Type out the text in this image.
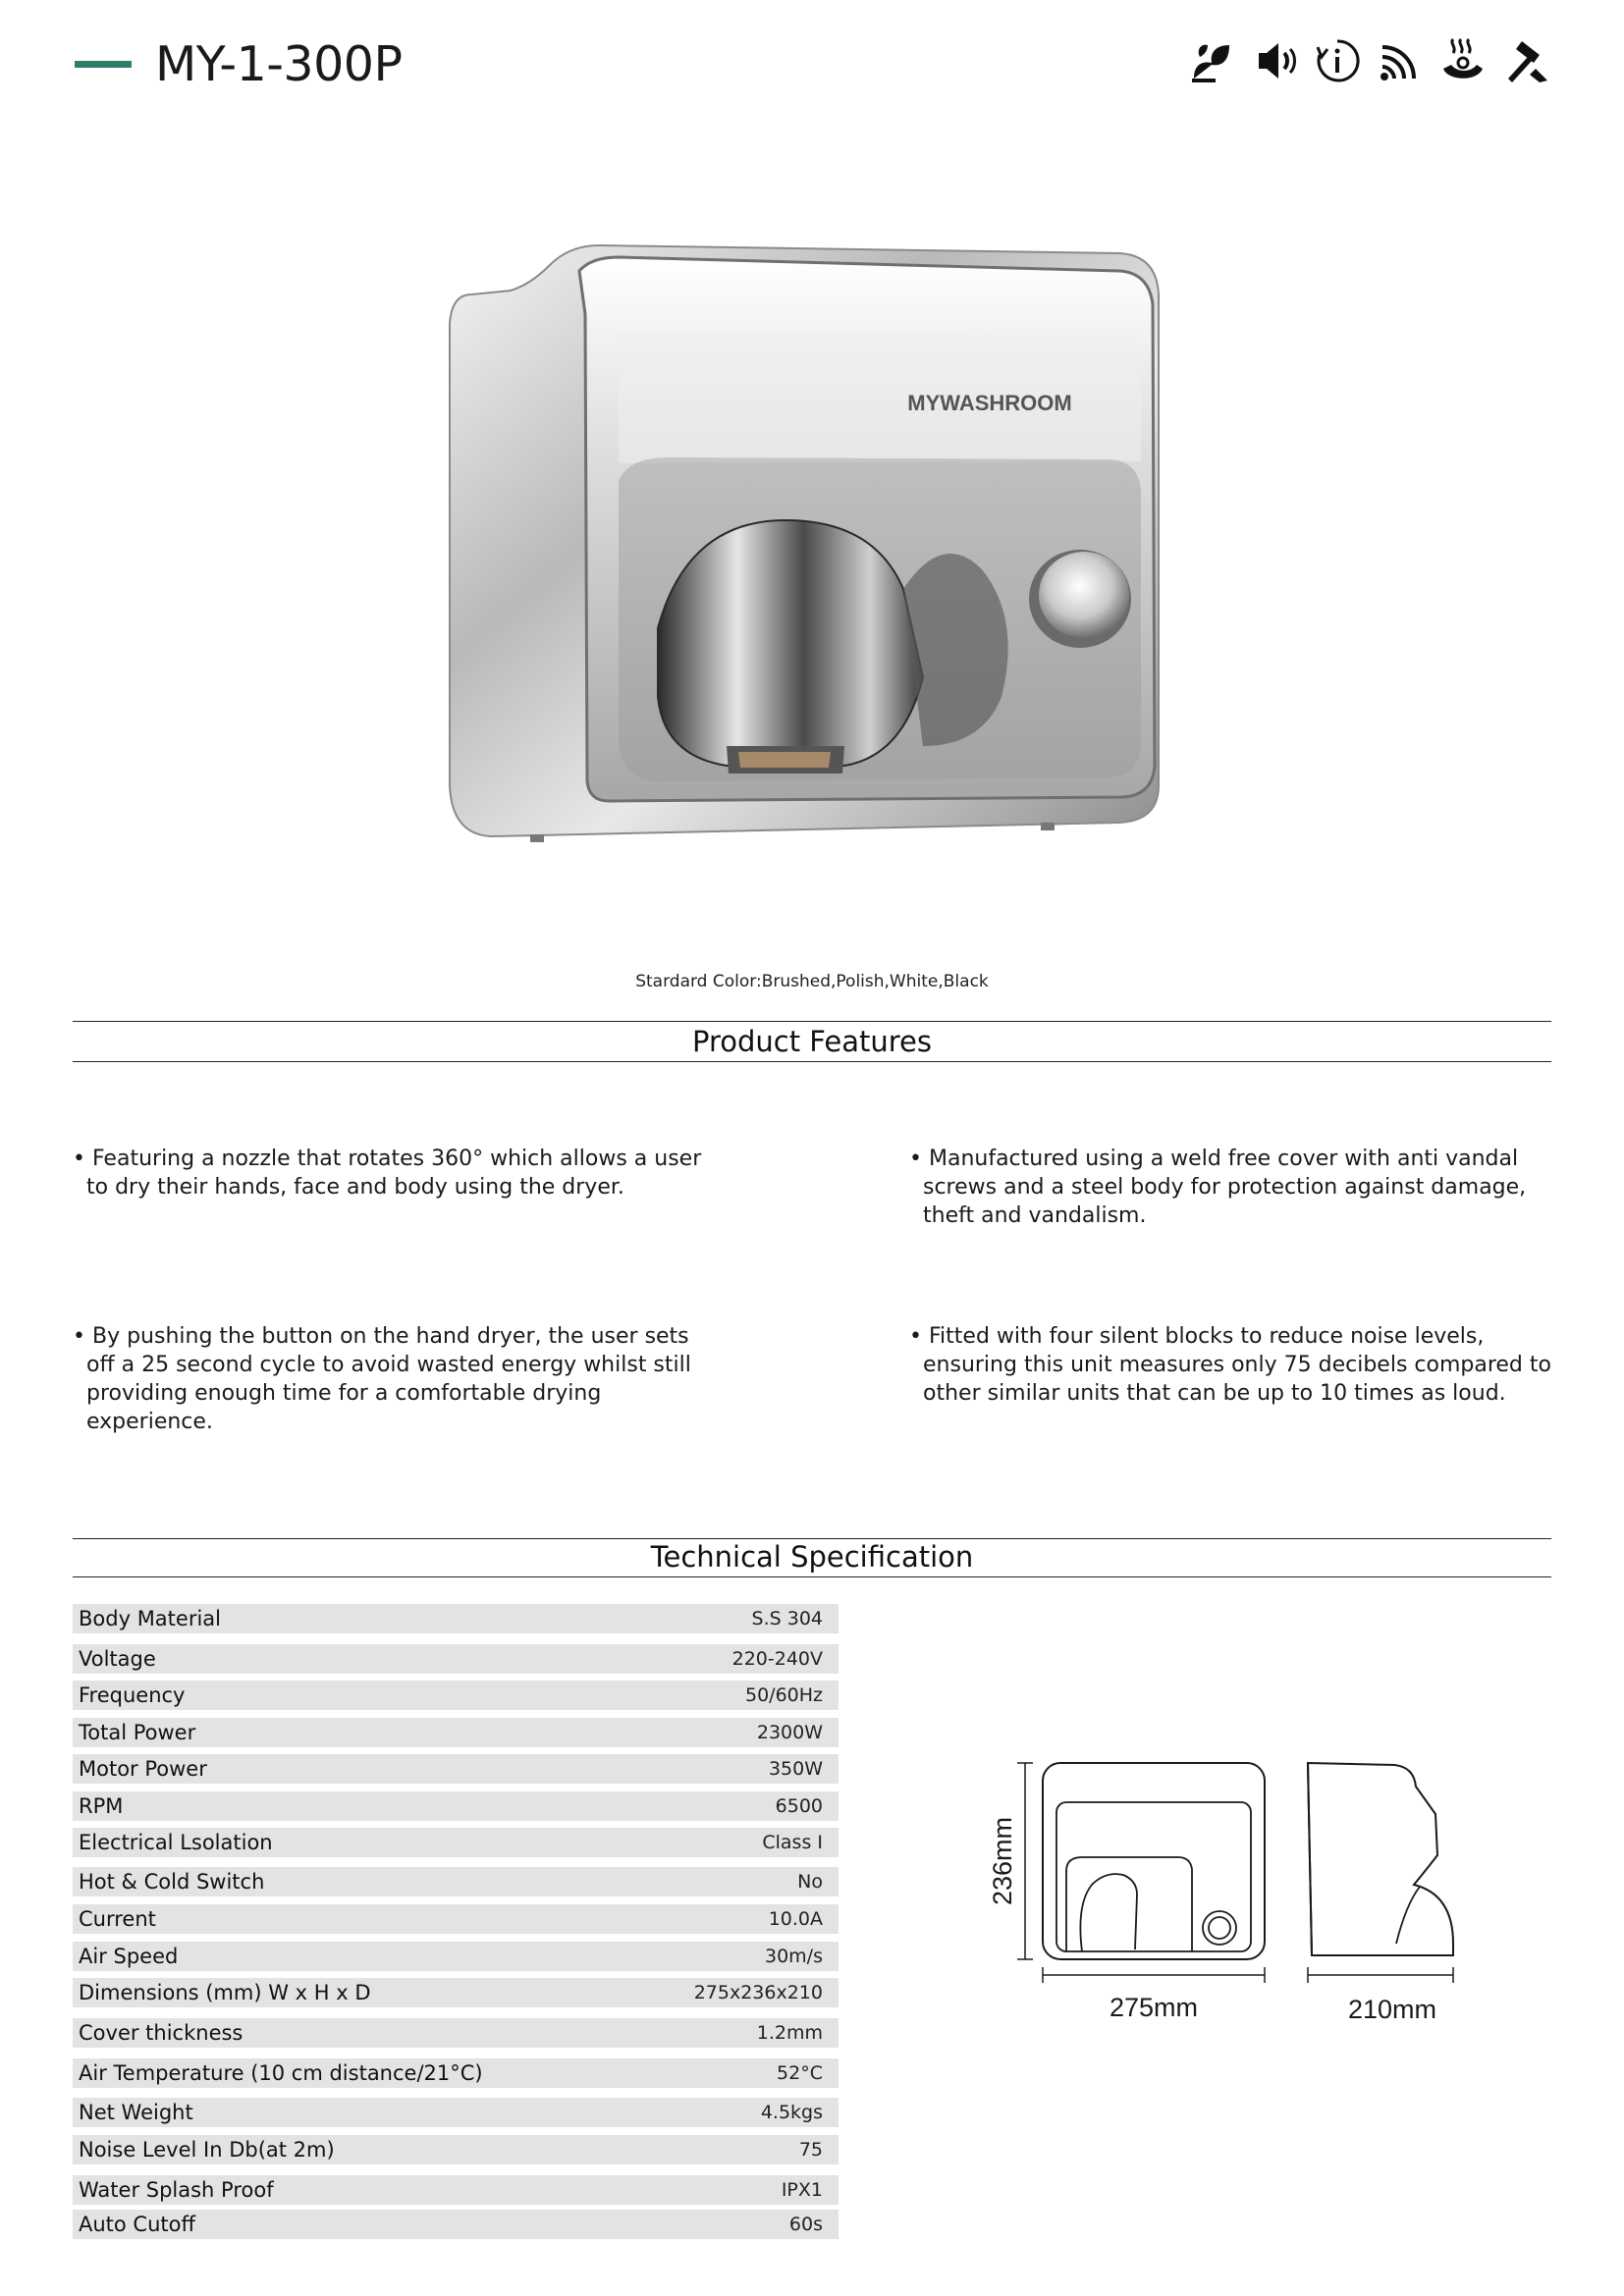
MY-1-300P
MYWASHROOM
Stardard Color:Brushed,Polish,White,Black
Product Features
• Featuring a nozzle that rotates 360° which allows a user to dry their hands, face and body using the dryer.
• Manufactured using a weld free cover with anti vandal screws and a steel body for protection against damage, theft and vandalism.
• By pushing the button on the hand dryer, the user sets off a 25 second cycle to avoid wasted energy whilst still providing enough time for a comfortable drying experience.
• Fitted with four silent blocks to reduce noise levels, ensuring this unit measures only 75 decibels compared to other similar units that can be up to 10 times as loud.
Technical Specification
Body Material	S.S 304
Voltage	220-240V
Frequency	50/60Hz
Total Power	2300W
Motor Power	350W
RPM	6500
Electrical Lsolation	Class I
Hot & Cold Switch	No
Current	10.0A
Air Speed	30m/s
Dimensions (mm) W x H x D	275x236x210
Cover thickness	1.2mm
Air Temperature (10 cm distance/21°C)	52°C
Net Weight	4.5kgs
Noise Level In Db(at 2m)	75
Water Splash Proof	IPX1
Auto Cutoff	60s
236mm
275mm	210mm
